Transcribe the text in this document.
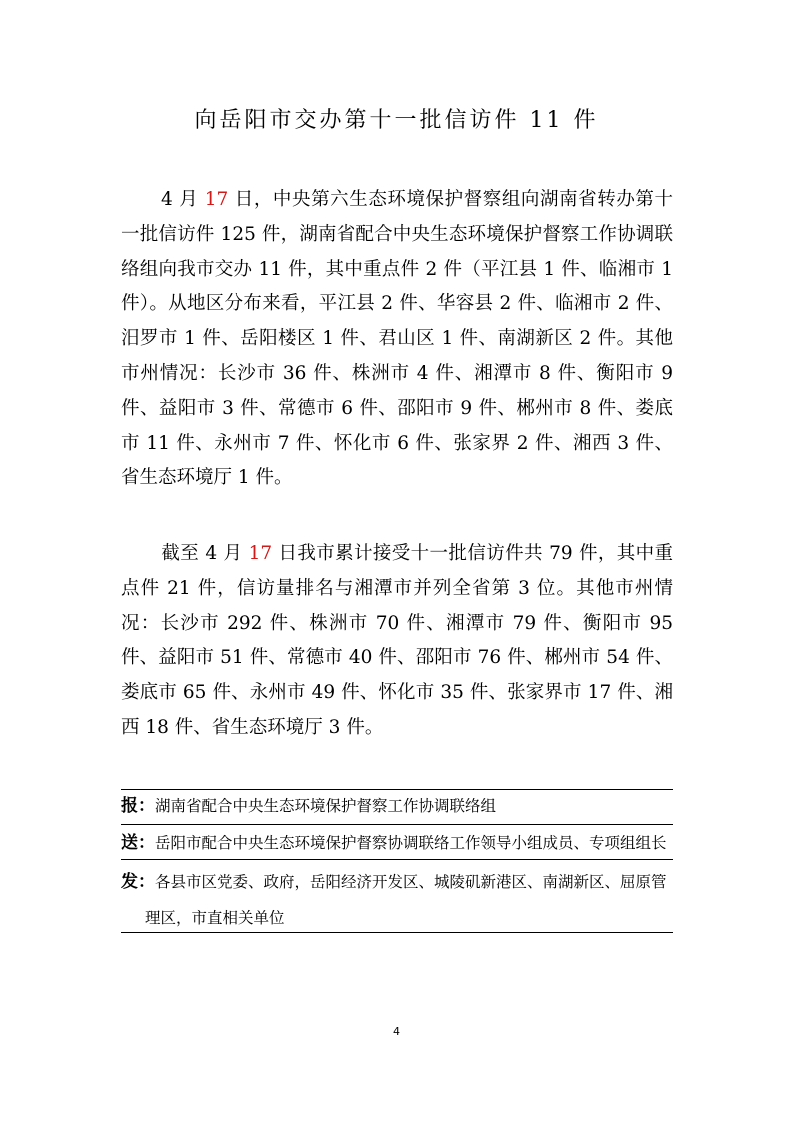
向岳阳市交办第十一批信访件 11 件
4 月 17 日，中央第六生态环境保护督察组向湖南省转办第十一批信访件 125 件，湖南省配合中央生态环境保护督察工作协调联络组向我市交办 11 件，其中重点件 2 件（平江县 1 件、临湘市 1 件）。从地区分布来看，平江县 2 件、华容县 2 件、临湘市 2 件、汨罗市 1 件、岳阳楼区 1 件、君山区 1 件、南湖新区 2 件。其他市州情况：长沙市 36 件、株洲市 4 件、湘潭市 8 件、衡阳市 9 件、益阳市 3 件、常德市 6 件、邵阳市 9 件、郴州市 8 件、娄底市 11 件、永州市 7 件、怀化市 6 件、张家界 2 件、湘西 3 件、省生态环境厅 1 件。
截至 4 月 17 日我市累计接受十一批信访件共 79 件，其中重点件 21 件，信访量排名与湘潭市并列全省第 3 位。其他市州情况：长沙市 292 件、株洲市 70 件、湘潭市 79 件、衡阳市 95 件、益阳市 51 件、常德市 40 件、邵阳市 76 件、郴州市 54 件、娄底市 65 件、永州市 49 件、怀化市 35 件、张家界市 17 件、湘西 18 件、省生态环境厅 3 件。
报： 湖南省配合中央生态环境保护督察工作协调联络组
送： 岳阳市配合中央生态环境保护督察协调联络工作领导小组成员、专项组组长
发： 各县市区党委、政府，岳阳经济开发区、城陵矶新港区、南湖新区、屈原管
理区，市直相关单位
4
